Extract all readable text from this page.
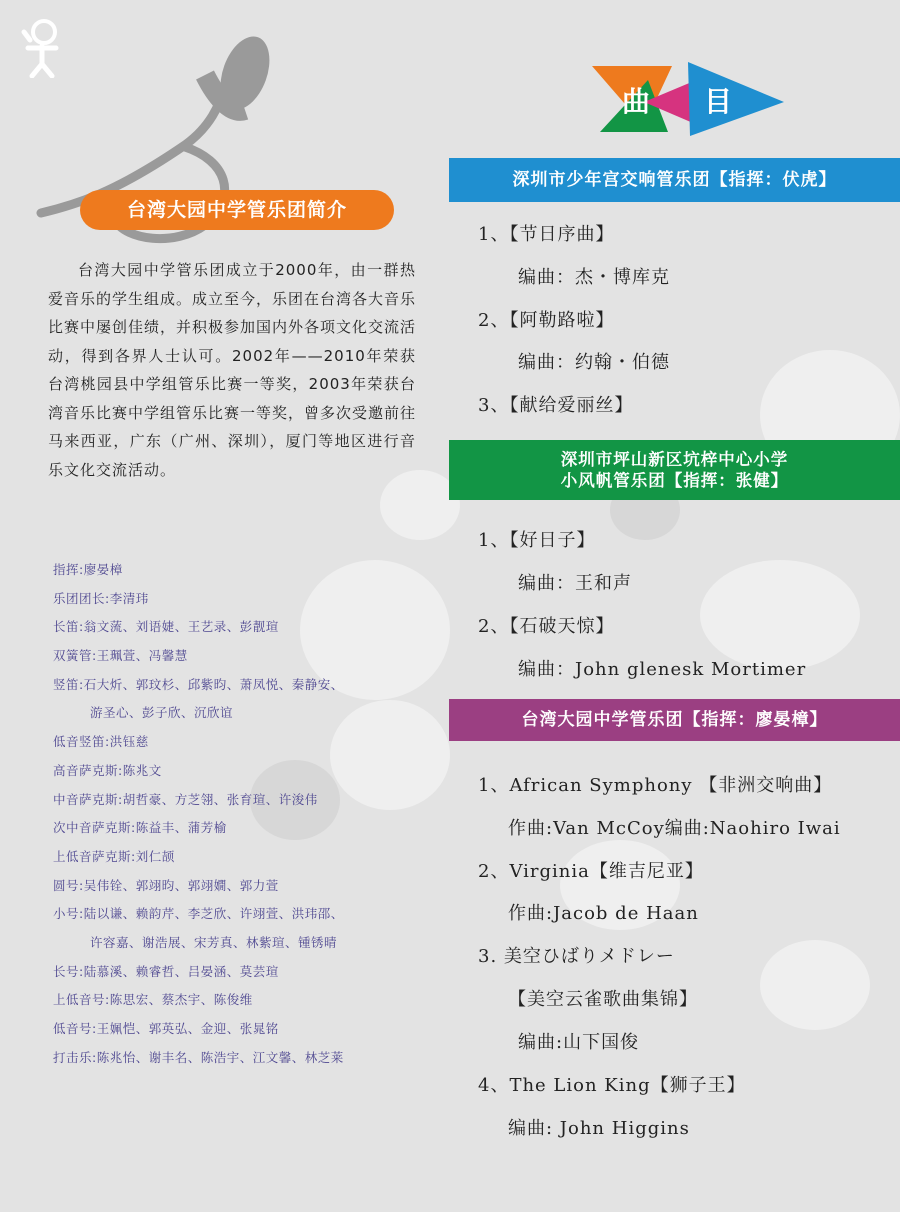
台湾大园中学管乐团简介
台湾大园中学管乐团成立于2000年，由一群热爱音乐的学生组成。成立至今，乐团在台湾各大音乐比赛中屡创佳绩，并积极参加国内外各项文化交流活动，得到各界人士认可。2002年——2010年荣获台湾桃园县中学组管乐比赛一等奖，2003年荣获台湾音乐比赛中学组管乐比赛一等奖，曾多次受邀前往马来西亚，广东（广州、深圳），厦门等地区进行音乐文化交流活动。
指挥:廖晏樟
乐团团长:李清玮
长笛:翁文蓅、刘语婕、王艺录、彭靓瑄
双簧管:王珮萱、冯馨慧
竖笛:石大炘、郭玟杉、邱紫昀、萧凤悦、秦静安、
游圣心、彭子欣、沉欣谊
低音竖笛:洪钰慈
高音萨克斯:陈兆文
中音萨克斯:胡哲豪、方芝翎、张育瑄、许浚伟
次中音萨克斯:陈益丰、蒲芳榆
上低音萨克斯:刘仁颉
圆号:吴伟铨、郭翊昀、郭翊嫺、郭力萱
小号:陆以谦、赖韵芹、李芝欣、许翊萱、洪玮邵、
许容嘉、谢浩展、宋芳真、林紫瑄、锺锈晴
长号:陆慕溪、赖睿哲、吕晏涵、莫芸瑄
上低音号:陈思宏、蔡杰宇、陈俊维
低音号:王姵恺、郭英弘、金迎、张晁铭
打击乐:陈兆怡、谢丰名、陈浩宇、江文馨、林芝莱
曲 目
深圳市少年宫交响管乐团【指挥：伏虎】
1、【节日序曲】
编曲：杰・博库克
2、【阿勒路啦】
编曲：约翰・伯德
3、【献给爱丽丝】
深圳市坪山新区坑梓中心小学
小风帆管乐团【指挥：张健】
1、【好日子】
编曲：王和声
2、【石破天惊】
编曲：John glenesk Mortimer
台湾大园中学管乐团【指挥：廖晏樟】
1、African Symphony 【非洲交响曲】
作曲:Van McCoy编曲:Naohiro Iwai
2、Virginia【维吉尼亚】
作曲:Jacob de Haan
3. 美空ひばりメドレー
【美空云雀歌曲集锦】
编曲:山下国俊
4、The Lion King【狮子王】
编曲: John Higgins
